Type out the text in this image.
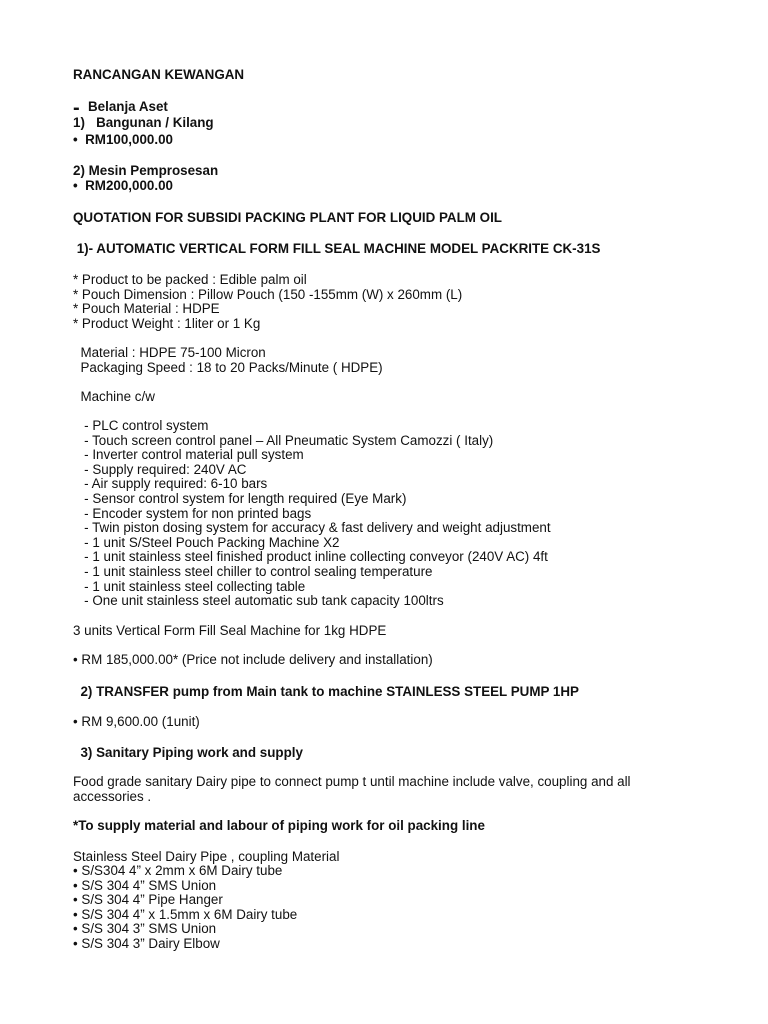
RANCANGAN KEWANGAN

- Belanja Aset

1)   Bangunan / Kilang

•  RM100,000.00

2) Mesin Pemprosesan

•  RM200,000.00

QUOTATION FOR SUBSIDI PACKING PLANT FOR LIQUID PALM OIL

1)- AUTOMATIC VERTICAL FORM FILL SEAL MACHINE MODEL PACKRITE CK-31S

* Product to be packed : Edible palm oil

* Pouch Dimension : Pillow Pouch (150 -155mm (W) x 260mm (L)

* Pouch Material : HDPE

* Product Weight : 1liter or 1 Kg

Material : HDPE 75-100 Micron

Packaging Speed : 18 to 20 Packs/Minute ( HDPE)

Machine c/w

- PLC control system

- Touch screen control panel – All Pneumatic System Camozzi ( Italy)

- Inverter control material pull system

- Supply required: 240V AC

- Air supply required: 6-10 bars

- Sensor control system for length required (Eye Mark)

- Encoder system for non printed bags

- Twin piston dosing system for accuracy & fast delivery and weight adjustment

- 1 unit S/Steel Pouch Packing Machine X2

- 1 unit stainless steel finished product inline collecting conveyor (240V AC) 4ft

- 1 unit stainless steel chiller to control sealing temperature

- 1 unit stainless steel collecting table

- One unit stainless steel automatic sub tank capacity 100ltrs

3 units Vertical Form Fill Seal Machine for 1kg HDPE

• RM 185,000.00* (Price not include delivery and installation)

2) TRANSFER pump from Main tank to machine STAINLESS STEEL PUMP 1HP

• RM 9,600.00 (1unit)

3) Sanitary Piping work and supply

Food grade sanitary Dairy pipe to connect pump t until machine include valve, coupling and all accessories .

*To supply material and labour of piping work for oil packing line

Stainless Steel Dairy Pipe , coupling Material

• S/S304 4” x 2mm x 6M Dairy tube

• S/S 304 4” SMS Union

• S/S 304 4” Pipe Hanger

• S/S 304 4” x 1.5mm x 6M Dairy tube

• S/S 304 3” SMS Union

• S/S 304 3” Dairy Elbow
